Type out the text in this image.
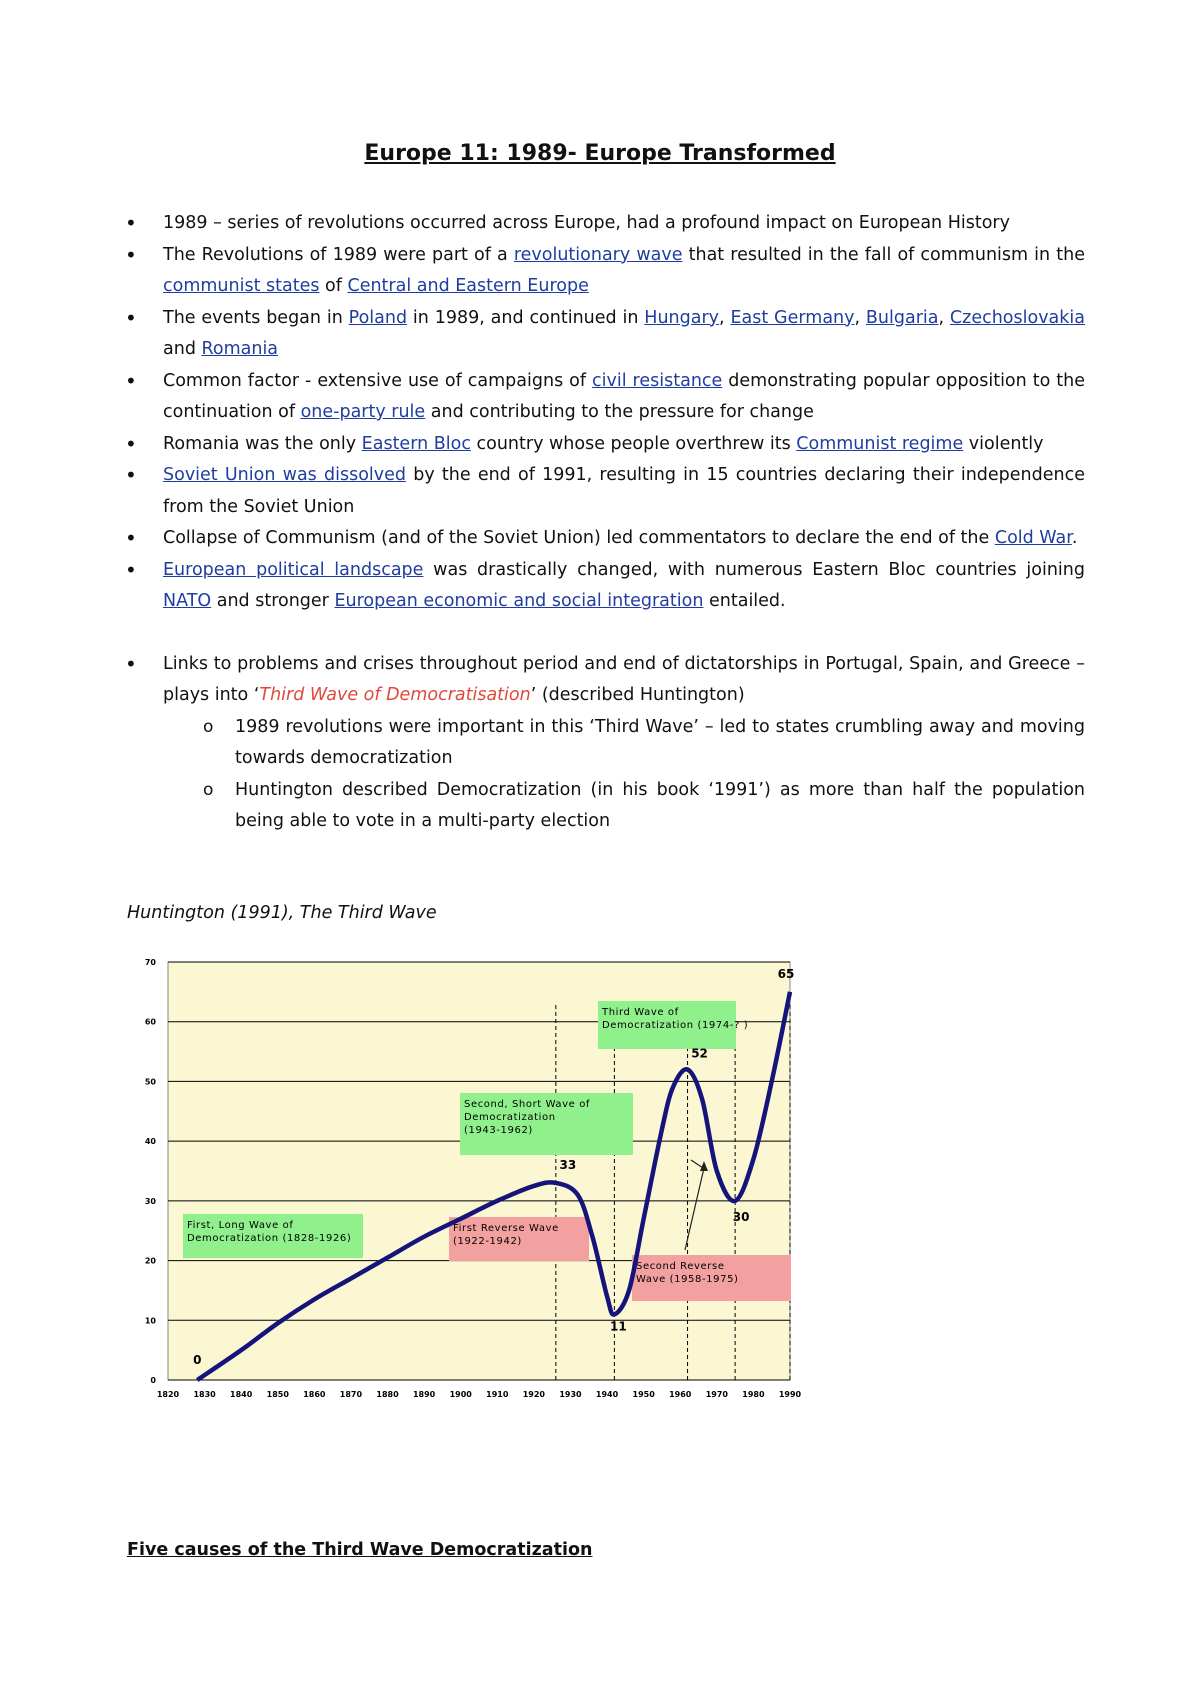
Europe 11: 1989- Europe Transformed
• 1989 – series of revolutions occurred across Europe, had a profound impact on European History
• The Revolutions of 1989 were part of a revolutionary wave that resulted in the fall of communism in the communist states of Central and Eastern Europe
• The events began in Poland in 1989, and continued in Hungary, East Germany, Bulgaria, Czechoslovakia and Romania
• Common factor - extensive use of campaigns of civil resistance demonstrating popular opposition to the continuation of one-party rule and contributing to the pressure for change
• Romania was the only Eastern Bloc country whose people overthrew its Communist regime violently
• Soviet Union was dissolved by the end of 1991, resulting in 15 countries declaring their independence from the Soviet Union
• Collapse of Communism (and of the Soviet Union) led commentators to declare the end of the Cold War.
• European political landscape was drastically changed, with numerous Eastern Bloc countries joining NATO and stronger European economic and social integration entailed.
• Links to problems and crises throughout period and end of dictatorships in Portugal, Spain, and Greece – plays into ‘Third Wave of Democratisation’ (described Huntington)
o 1989 revolutions were important in this ‘Third Wave’ – led to states crumbling away and moving towards democratization
o Huntington described Democratization (in his book ‘1991’) as more than half the population being able to vote in a multi-party election

Huntington (1991), The Third Wave

0
10
20
30
40
50
60
70
1820 1830 1840 1850 1860 1870 1880 1890 1900 1910 1920 1930 1940 1950 1960 1970 1980 1990
First, Long Wave of
Democratization (1828-1926)
First Reverse Wave
(1922-1942)
Second, Short Wave of
Democratization
(1943-1962)
Second Reverse
Wave (1958-1975)
Third Wave of
Democratization (1974-? )
0
33
11
52
30
65

Five causes of the Third Wave Democratization
